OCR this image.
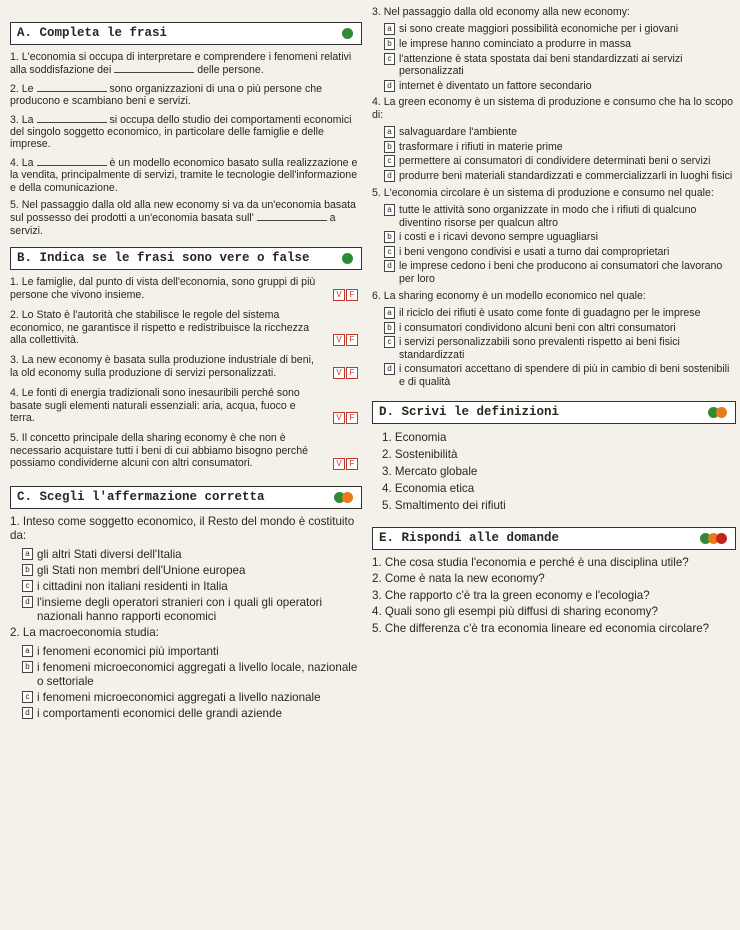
A. Completa le frasi
1. L'economia si occupa di interpretare e comprendere i fenomeni relativi alla soddisfazione dei	delle persone.
2. Le	sono organizzazioni di una o più persone che producono e scambiano beni e servizi.
3. La	si occupa dello studio dei comportamenti economici del singolo soggetto economico, in particolare delle famiglie e delle imprese.
4. La	è un modello economico basato sulla realizzazione e la vendita, principalmente di servizi, tramite le tecnologie dell'informazione e della comunicazione.
5. Nel passaggio dalla old alla new economy si va da un'economia basata sul possesso dei prodotti a un'economia basata sull'	a servizi.
B. Indica se le frasi sono vere o false
1. Le famiglie, dal punto di vista dell'economia, sono gruppi di più persone che vivono insieme.	V F
2. Lo Stato è l'autorità che stabilisce le regole del sistema economico, ne garantisce il rispetto e redistribuisce la ricchezza alla collettività.	V F
3. La new economy è basata sulla produzione industriale di beni, la old economy sulla produzione di servizi personalizzati.	V F
4. Le fonti di energia tradizionali sono inesauribili perché sono basate sugli elementi naturali essenziali: aria, acqua, fuoco e terra.	V F
5. Il concetto principale della sharing economy è che non è necessario acquistare tutti i beni di cui abbiamo bisogno perché possiamo condividerne alcuni con altri consumatori.	V F
C. Scegli l'affermazione corretta
1. Inteso come soggetto economico, il Resto del mondo è costituito da:
a gli altri Stati diversi dell'Italia
b gli Stati non membri dell'Unione europea
c i cittadini non italiani residenti in Italia
d l'insieme degli operatori stranieri con i quali gli operatori nazionali hanno rapporti economici
2. La macroeconomia studia:
a i fenomeni economici più importanti
b i fenomeni microeconomici aggregati a livello locale, nazionale o settoriale
c i fenomeni microeconomici aggregati a livello nazionale
d i comportamenti economici delle grandi aziende
3. Nel passaggio dalla old economy alla new economy:
a si sono create maggiori possibilità economiche per i giovani
b le imprese hanno cominciato a produrre in massa
c l'attenzione è stata spostata dai beni standardizzati ai servizi personalizzati
d internet è diventato un fattore secondario
4. La green economy è un sistema di produzione e consumo che ha lo scopo di:
a salvaguardare l'ambiente
b trasformare i rifiuti in materie prime
c permettere ai consumatori di condividere determinati beni o servizi
d produrre beni materiali standardizzati e commercializzarli in luoghi fisici
5. L'economia circolare è un sistema di produzione e consumo nel quale:
a tutte le attività sono organizzate in modo che i rifiuti di qualcuno diventino risorse per qualcun altro
b i costi e i ricavi devono sempre uguagliarsi
c i beni vengono condivisi e usati a turno dai comproprietari
d le imprese cedono i beni che producono ai consumatori che lavorano per loro
6. La sharing economy è un modello economico nel quale:
a il riciclo dei rifiuti è usato come fonte di guadagno per le imprese
b i consumatori condividono alcuni beni con altri consumatori
c i servizi personalizzabili sono prevalenti rispetto ai beni fisici standardizzati
d i consumatori accettano di spendere di più in cambio di beni sostenibili e di qualità
D. Scrivi le definizioni
1. Economia
2. Sostenibilità
3. Mercato globale
4. Economia etica
5. Smaltimento dei rifiuti
E. Rispondi alle domande
1. Che cosa studia l'economia e perché è una disciplina utile?
2. Come è nata la new economy?
3. Che rapporto c'è tra la green economy e l'ecologia?
4. Quali sono gli esempi più diffusi di sharing economy?
5. Che differenza c'è tra economia lineare ed economia circolare?
